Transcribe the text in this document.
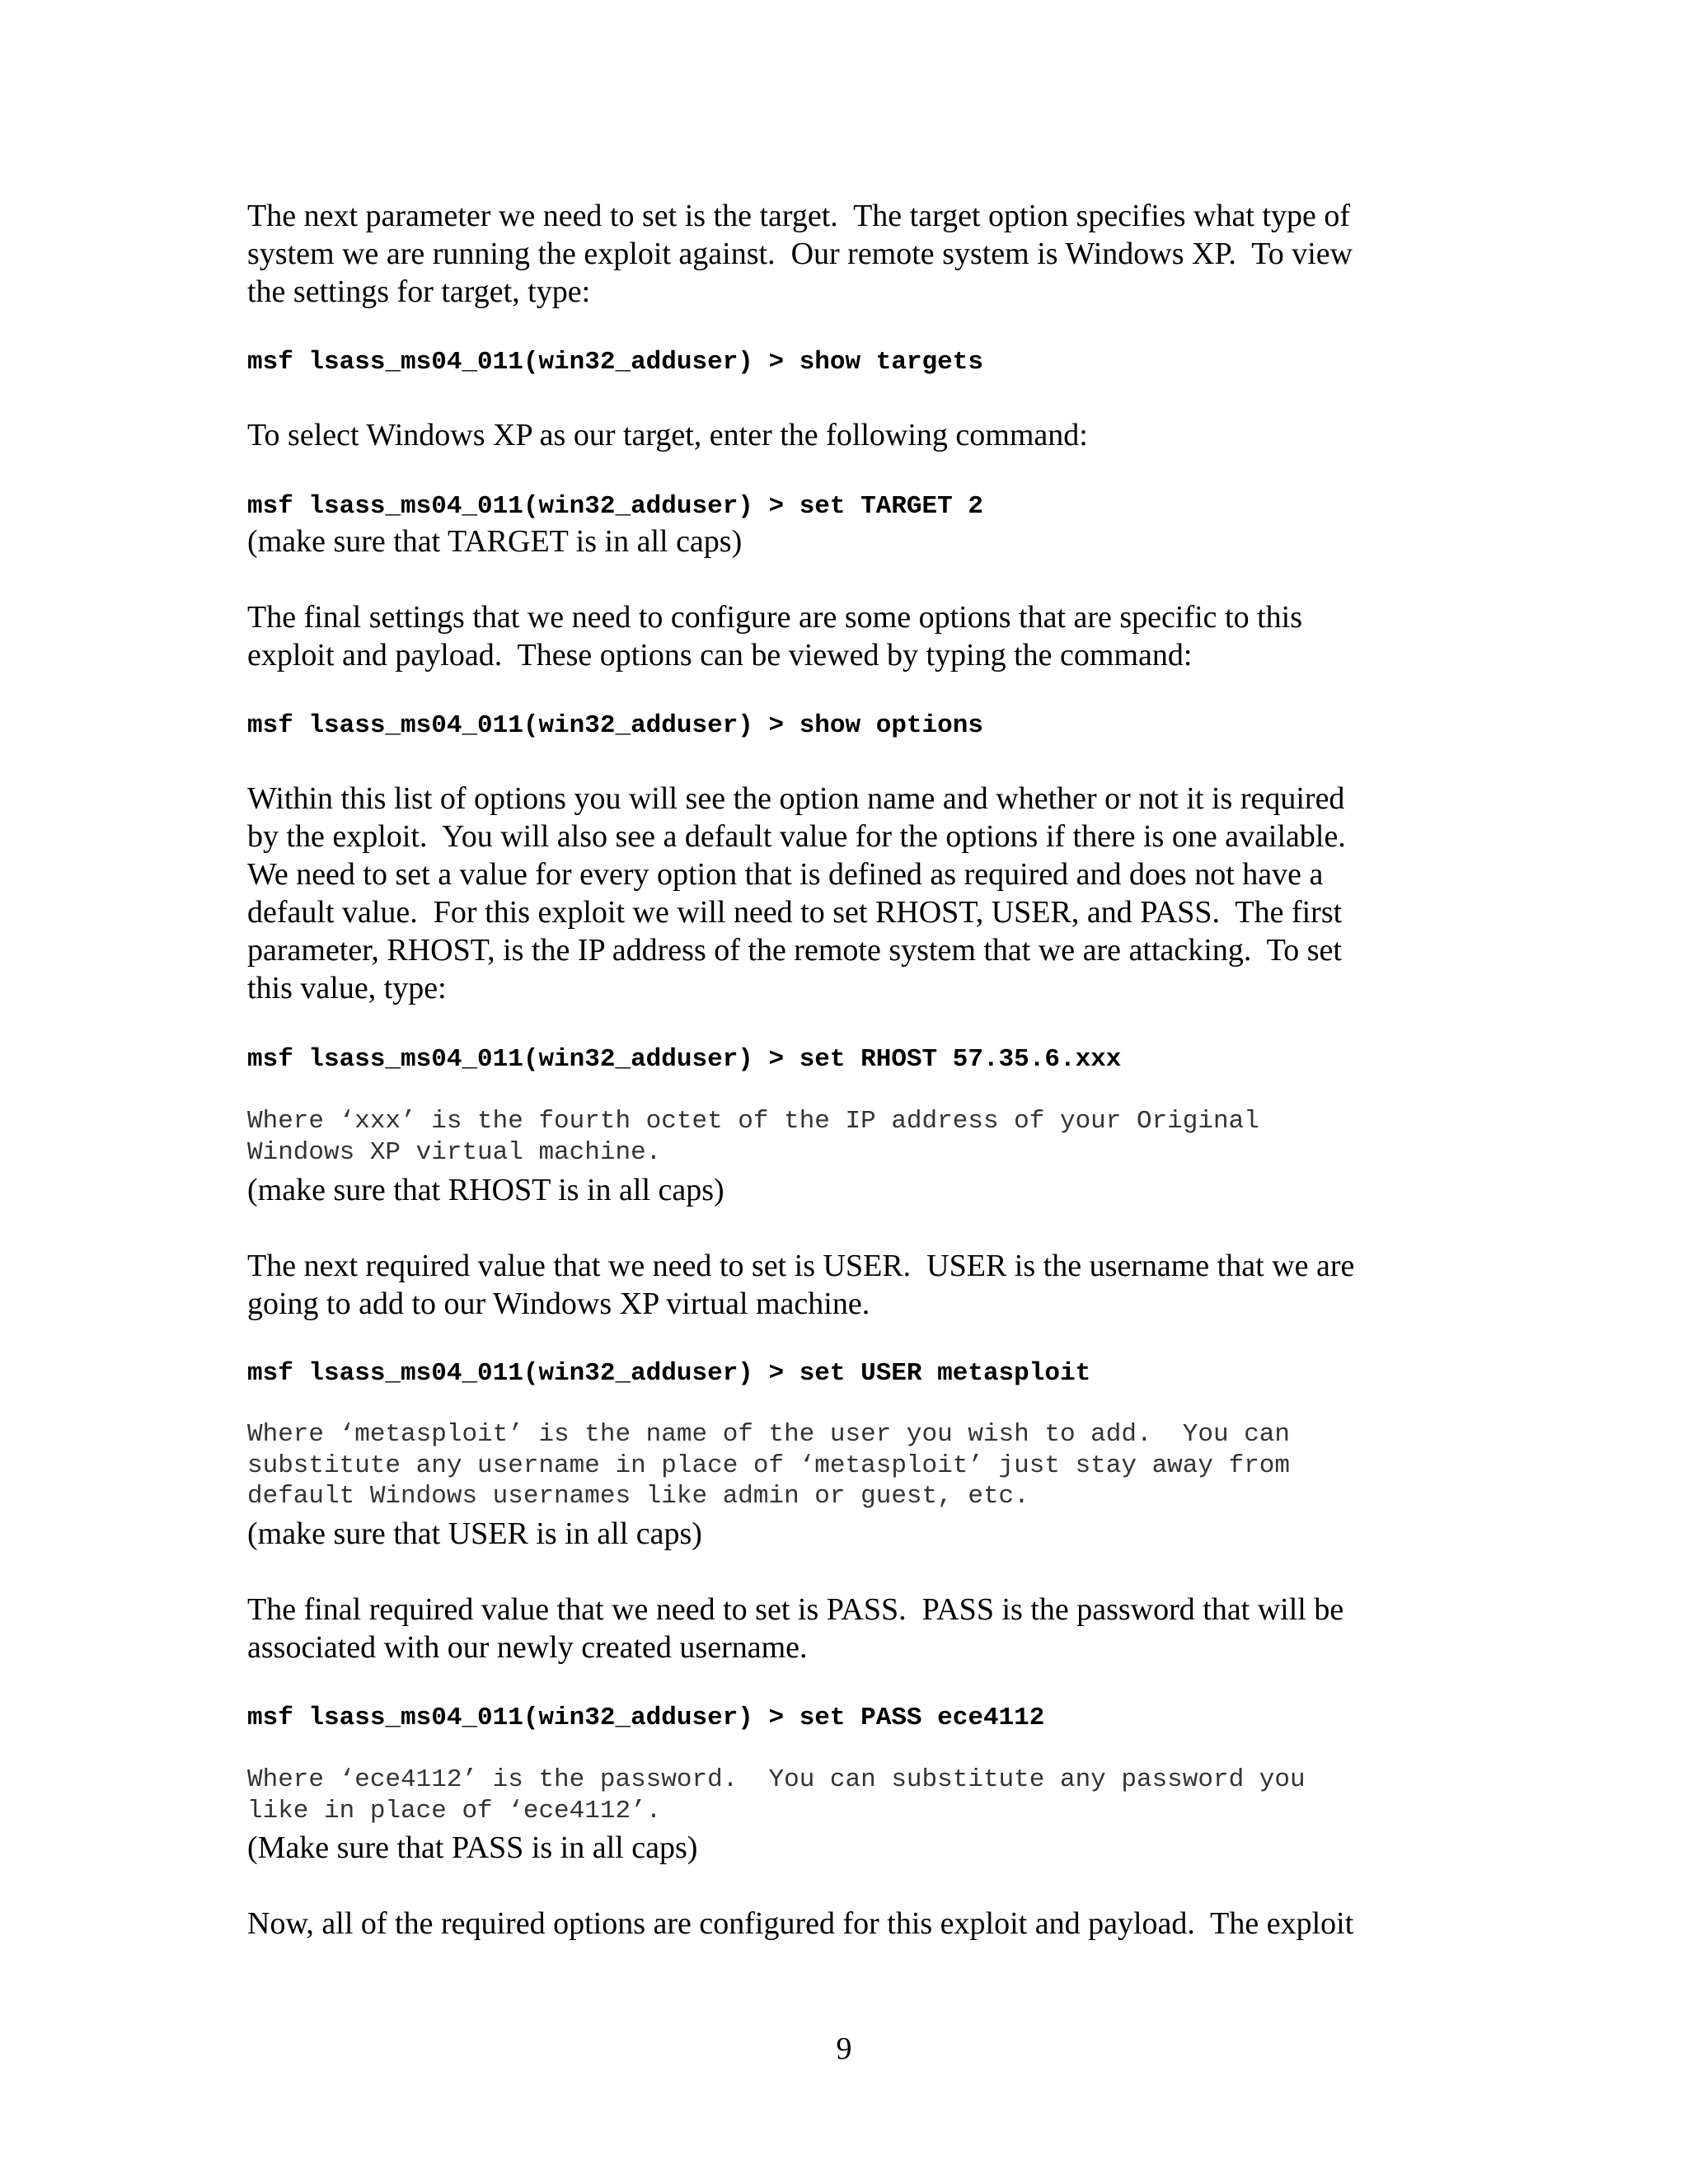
The next parameter we need to set is the target.  The target option specifies what type of
system we are running the exploit against.  Our remote system is Windows XP.  To view
the settings for target, type:

msf lsass_ms04_011(win32_adduser) > show targets

To select Windows XP as our target, enter the following command:

msf lsass_ms04_011(win32_adduser) > set TARGET 2

(make sure that TARGET is in all caps)

The final settings that we need to configure are some options that are specific to this
exploit and payload.  These options can be viewed by typing the command:

msf lsass_ms04_011(win32_adduser) > show options

Within this list of options you will see the option name and whether or not it is required
by the exploit.  You will also see a default value for the options if there is one available.
We need to set a value for every option that is defined as required and does not have a
default value.  For this exploit we will need to set RHOST, USER, and PASS.  The first
parameter, RHOST, is the IP address of the remote system that we are attacking.  To set
this value, type:

msf lsass_ms04_011(win32_adduser) > set RHOST 57.35.6.xxx
Where ‘xxx’ is the fourth octet of the IP address of your Original
Windows XP virtual machine.

(make sure that RHOST is in all caps)

The next required value that we need to set is USER.  USER is the username that we are
going to add to our Windows XP virtual machine.

msf lsass_ms04_011(win32_adduser) > set USER metasploit
Where ‘metasploit’ is the name of the user you wish to add.  You can
substitute any username in place of ‘metasploit’ just stay away from
default Windows usernames like admin or guest, etc.

(make sure that USER is in all caps)

The final required value that we need to set is PASS.  PASS is the password that will be
associated with our newly created username.

msf lsass_ms04_011(win32_adduser) > set PASS ece4112
Where ‘ece4112’ is the password.  You can substitute any password you
like in place of ‘ece4112’.

(Make sure that PASS is in all caps)

Now, all of the required options are configured for this exploit and payload.  The exploit

9
